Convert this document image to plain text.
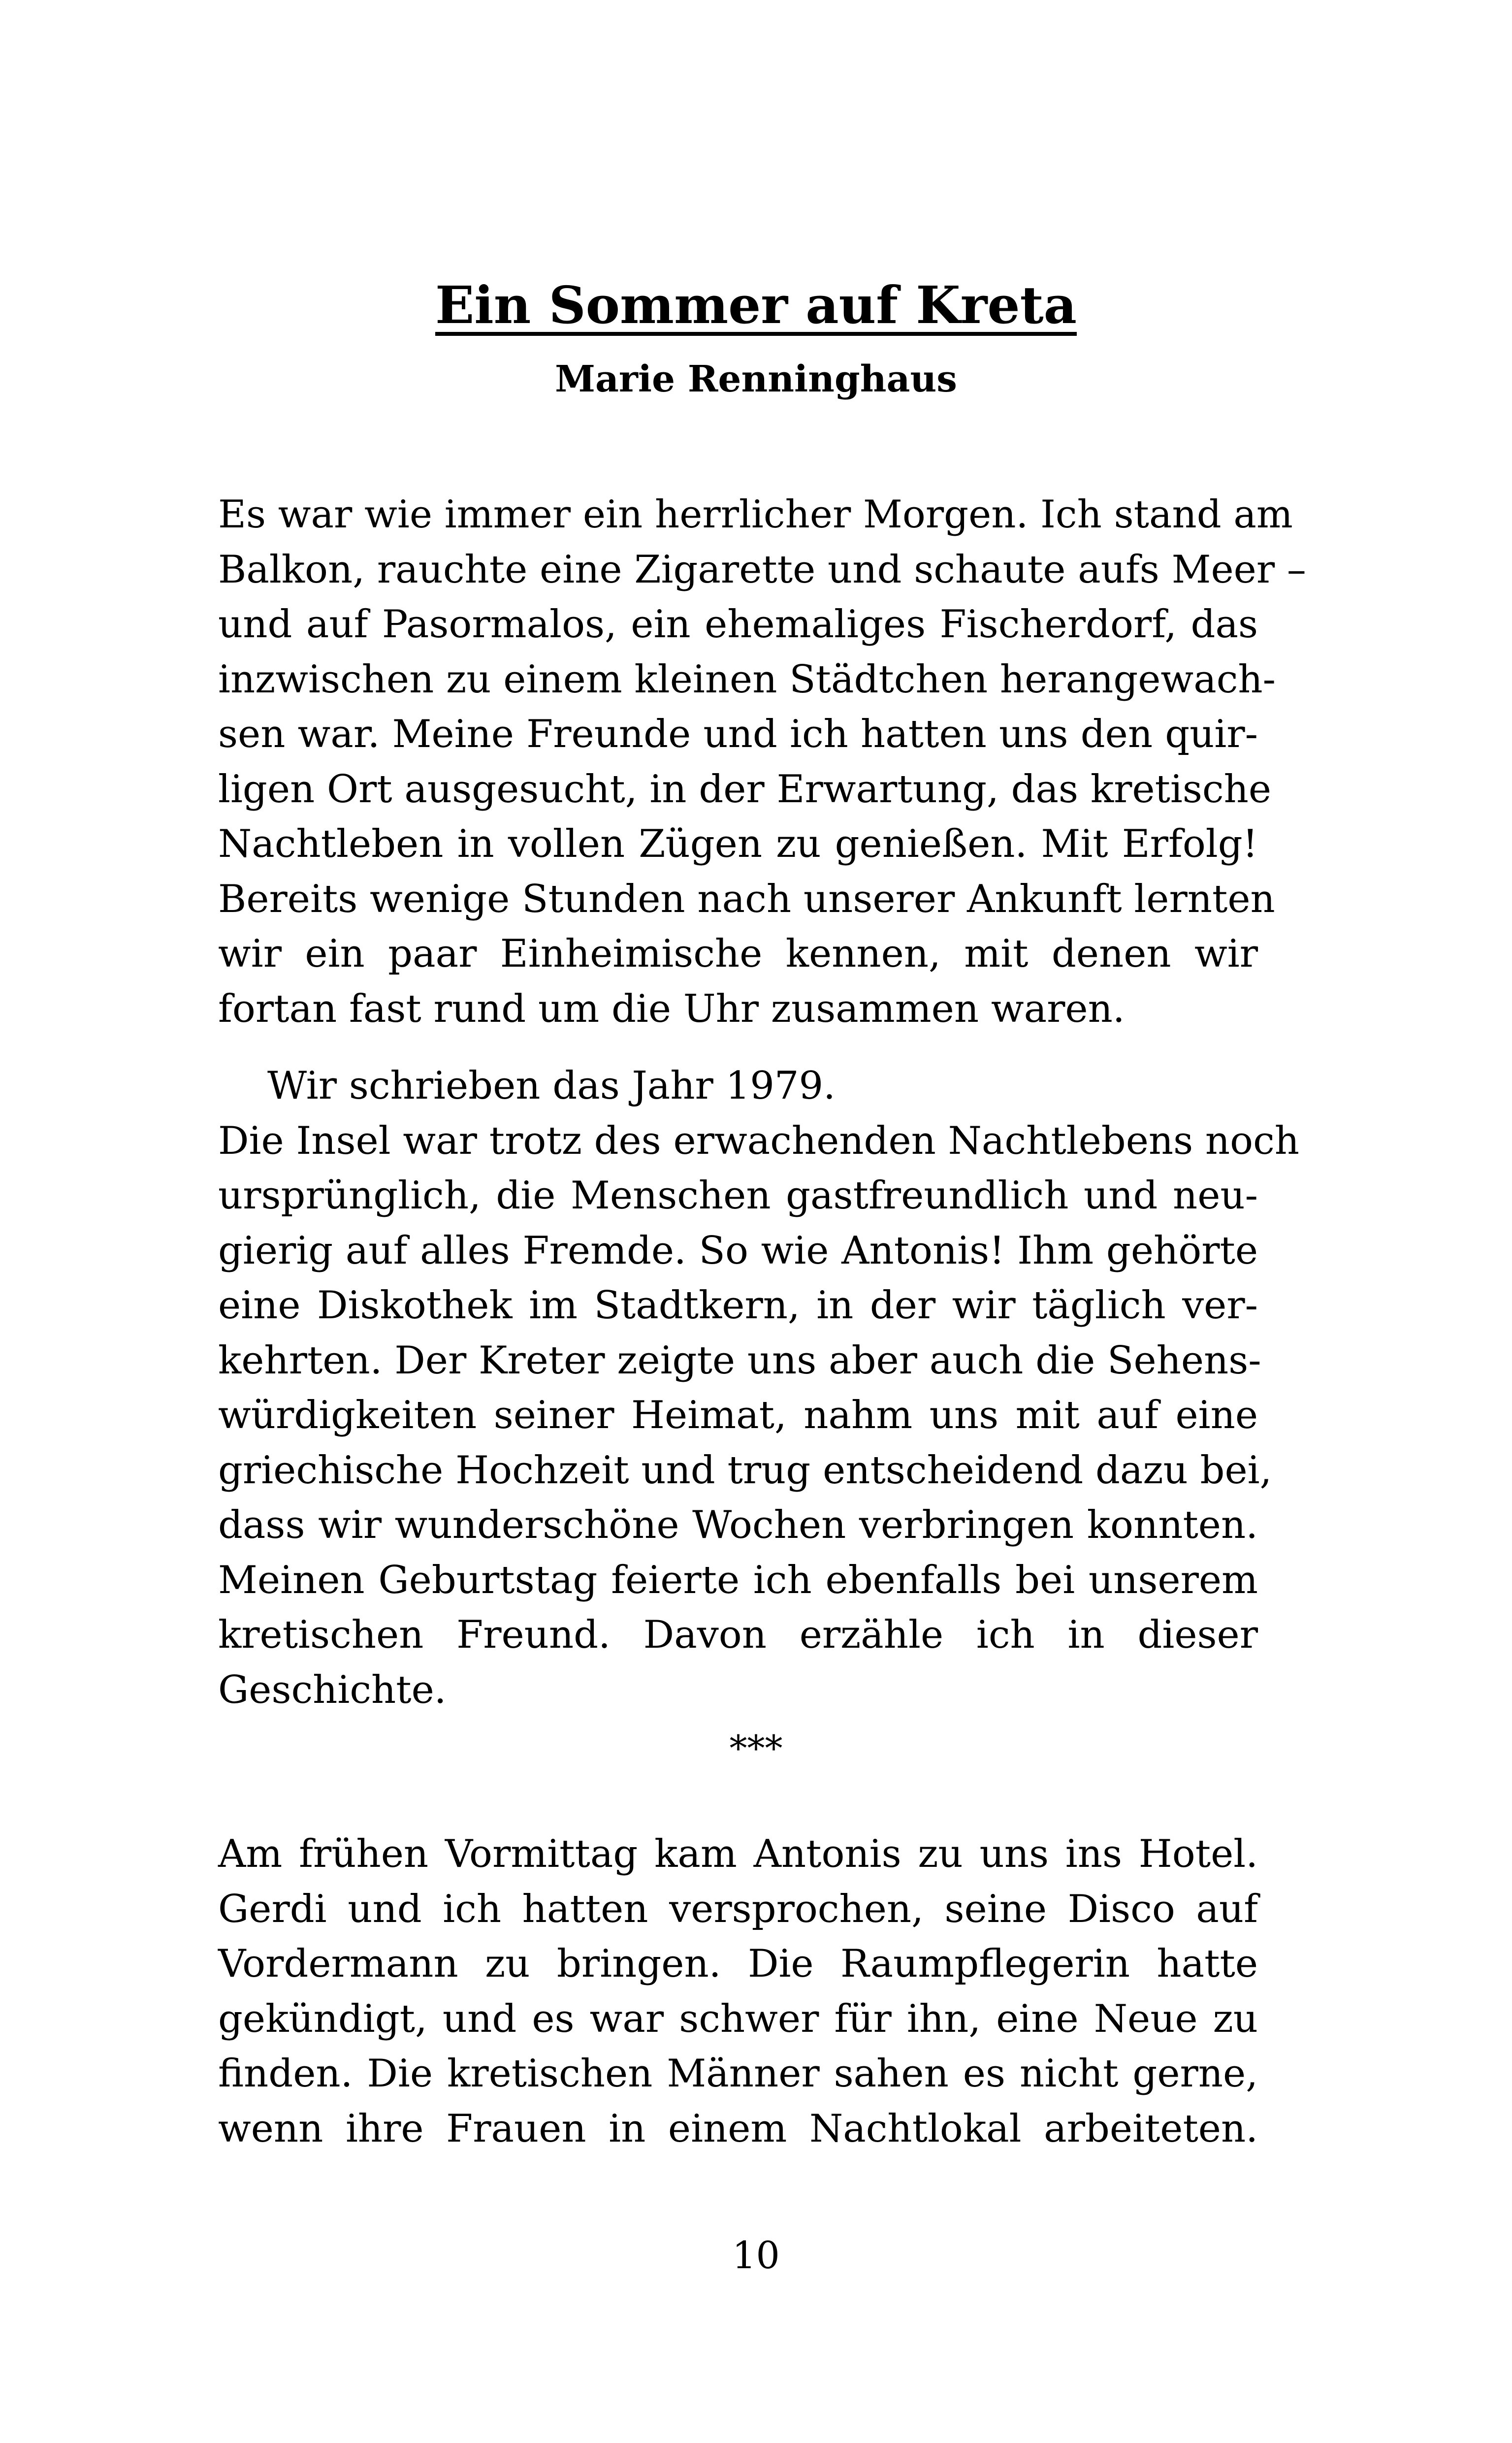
Ein Sommer auf Kreta
Marie Renninghaus
Es war wie immer ein herrlicher Morgen. Ich stand am
Balkon, rauchte eine Zigarette und schaute aufs Meer –
und auf Pasormalos, ein ehemaliges Fischerdorf, das
inzwischen zu einem kleinen Städtchen herangewach-
sen war. Meine Freunde und ich hatten uns den quir-
ligen Ort ausgesucht, in der Erwartung, das kretische
Nachtleben in vollen Zügen zu genießen. Mit Erfolg!
Bereits wenige Stunden nach unserer Ankunft lernten
wir ein paar Einheimische kennen, mit denen wir
fortan fast rund um die Uhr zusammen waren.
Wir schrieben das Jahr 1979.
Die Insel war trotz des erwachenden Nachtlebens noch
ursprünglich, die Menschen gastfreundlich und neu-
gierig auf alles Fremde. So wie Antonis! Ihm gehörte
eine Diskothek im Stadtkern, in der wir täglich ver-
kehrten. Der Kreter zeigte uns aber auch die Sehens-
würdigkeiten seiner Heimat, nahm uns mit auf eine
griechische Hochzeit und trug entscheidend dazu bei,
dass wir wunderschöne Wochen verbringen konnten.
Meinen Geburtstag feierte ich ebenfalls bei unserem
kretischen Freund. Davon erzähle ich in dieser
Geschichte.
***
Am frühen Vormittag kam Antonis zu uns ins Hotel.
Gerdi und ich hatten versprochen, seine Disco auf
Vordermann zu bringen. Die Raumpflegerin hatte
gekündigt, und es war schwer für ihn, eine Neue zu
finden. Die kretischen Männer sahen es nicht gerne,
wenn ihre Frauen in einem Nachtlokal arbeiteten.
10
